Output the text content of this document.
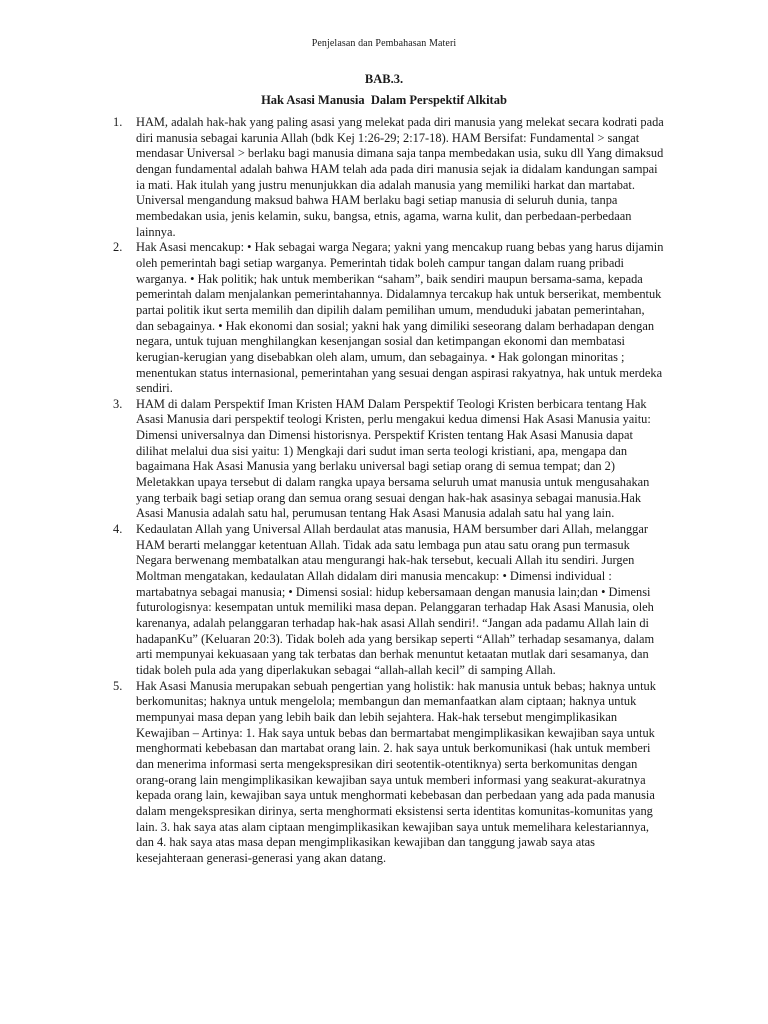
Penjelasan dan Pembahasan Materi
BAB.3.
Hak Asasi Manusia  Dalam Perspektif Alkitab
1. HAM, adalah hak-hak yang paling asasi yang melekat pada diri manusia yang melekat secara kodrati pada diri manusia sebagai karunia Allah (bdk Kej 1:26-29; 2:17-18). HAM Bersifat: Fundamental > sangat mendasar Universal > berlaku bagi manusia dimana saja tanpa membedakan usia, suku dll Yang dimaksud dengan fundamental adalah bahwa HAM telah ada pada diri manusia sejak ia didalam kandungan sampai ia mati. Hak itulah yang justru menunjukkan dia adalah manusia yang memiliki harkat dan martabat. Universal mengandung maksud bahwa HAM berlaku bagi setiap manusia di seluruh dunia, tanpa membedakan usia, jenis kelamin, suku, bangsa, etnis, agama, warna kulit, dan perbedaan-perbedaan lainnya.
2. Hak Asasi mencakup: • Hak sebagai warga Negara; yakni yang mencakup ruang bebas yang harus dijamin oleh pemerintah bagi setiap warganya. Pemerintah tidak boleh campur tangan dalam ruang pribadi warganya. • Hak politik; hak untuk memberikan “saham”, baik sendiri maupun bersama-sama, kepada pemerintah dalam menjalankan pemerintahannya. Didalamnya tercakup hak untuk berserikat, membentuk partai politik ikut serta memilih dan dipilih dalam pemilihan umum, menduduki jabatan pemerintahan, dan sebagainya. • Hak ekonomi dan sosial; yakni hak yang dimiliki seseorang dalam berhadapan dengan negara, untuk tujuan menghilangkan kesenjangan sosial dan ketimpangan ekonomi dan membatasi kerugian-kerugian yang disebabkan oleh alam, umum, dan sebagainya. • Hak golongan minoritas ; menentukan status internasional, pemerintahan yang sesuai dengan aspirasi rakyatnya, hak untuk merdeka sendiri.
3. HAM di dalam Perspektif Iman Kristen HAM Dalam Perspektif Teologi Kristen berbicara tentang Hak Asasi Manusia dari perspektif teologi Kristen, perlu mengakui kedua dimensi Hak Asasi Manusia yaitu: Dimensi universalnya dan Dimensi historisnya. Perspektif Kristen tentang Hak Asasi Manusia dapat dilihat melalui dua sisi yaitu: 1) Mengkaji dari sudut iman serta teologi kristiani, apa, mengapa dan bagaimana Hak Asasi Manusia yang berlaku universal bagi setiap orang di semua tempat; dan 2) Meletakkan upaya tersebut di dalam rangka upaya bersama seluruh umat manusia untuk mengusahakan yang terbaik bagi setiap orang dan semua orang sesuai dengan hak-hak asasinya sebagai manusia.Hak Asasi Manusia adalah satu hal, perumusan tentang Hak Asasi Manusia adalah satu hal yang lain.
4. Kedaulatan Allah yang Universal Allah berdaulat atas manusia, HAM bersumber dari Allah, melanggar HAM berarti melanggar ketentuan Allah. Tidak ada satu lembaga pun atau satu orang pun termasuk Negara berwenang membatalkan atau mengurangi hak-hak tersebut, kecuali Allah itu sendiri. Jurgen Moltman mengatakan, kedaulatan Allah didalam diri manusia mencakup: • Dimensi individual : martabatnya sebagai manusia; • Dimensi sosial: hidup kebersamaan dengan manusia lain;dan • Dimensi futurologisnya: kesempatan untuk memiliki masa depan. Pelanggaran terhadap Hak Asasi Manusia, oleh karenanya, adalah pelanggaran terhadap hak-hak asasi Allah sendiri!. “Jangan ada padamu Allah lain di hadapanKu” (Keluaran 20:3). Tidak boleh ada yang bersikap seperti “Allah” terhadap sesamanya, dalam arti mempunyai kekuasaan yang tak terbatas dan berhak menuntut ketaatan mutlak dari sesamanya, dan tidak boleh pula ada yang diperlakukan sebagai “allah-allah kecil” di samping Allah.
5. Hak Asasi Manusia merupakan sebuah pengertian yang holistik: hak manusia untuk bebas; haknya untuk berkomunitas; haknya untuk mengelola; membangun dan memanfaatkan alam ciptaan; haknya untuk mempunyai masa depan yang lebih baik dan lebih sejahtera. Hak-hak tersebut mengimplikasikan Kewajiban – Artinya: 1. Hak saya untuk bebas dan bermartabat mengimplikasikan kewajiban saya untuk menghormati kebebasan dan martabat orang lain. 2. hak saya untuk berkomunikasi (hak untuk memberi dan menerima informasi serta mengekspresikan diri seotentik-otentiknya) serta berkomunitas dengan orang-orang lain mengimplikasikan kewajiban saya untuk memberi informasi yang seakurat-akuratnya kepada orang lain, kewajiban saya untuk menghormati kebebasan dan perbedaan yang ada pada manusia dalam mengekspresikan dirinya, serta menghormati eksistensi serta identitas komunitas-komunitas yang lain. 3. hak saya atas alam ciptaan mengimplikasikan kewajiban saya untuk memelihara kelestariannya, dan 4. hak saya atas masa depan mengimplikasikan kewajiban dan tanggung jawab saya atas kesejahteraan generasi-generasi yang akan datang.
